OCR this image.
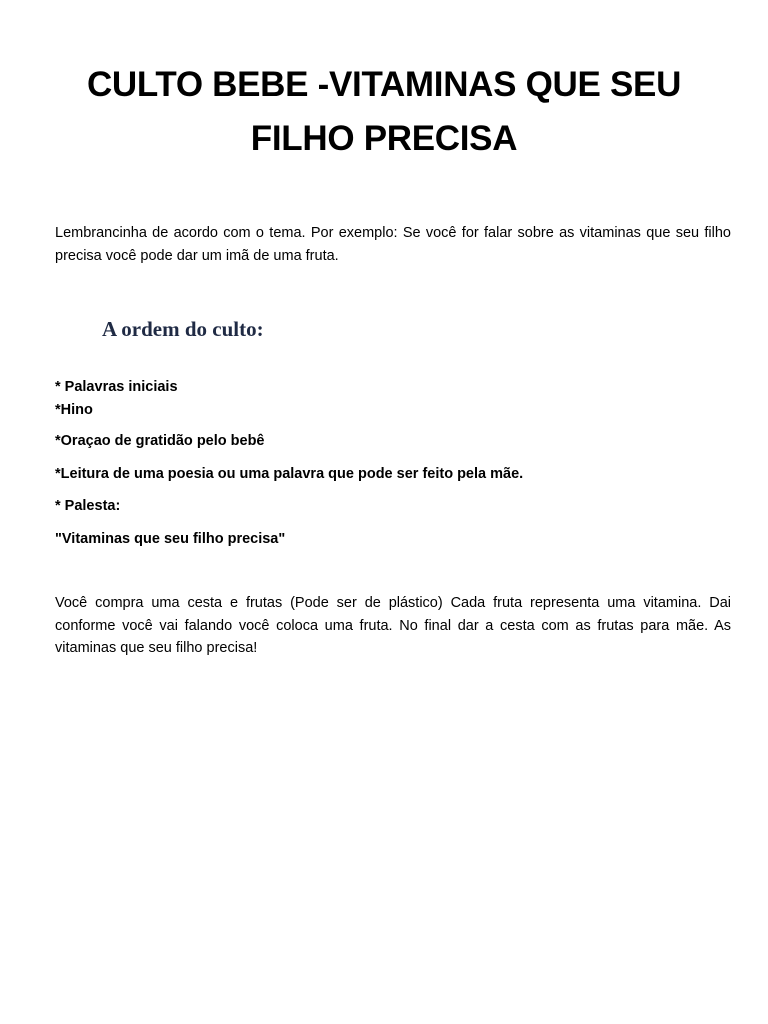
CULTO BEBE -VITAMINAS QUE SEU FILHO PRECISA

Lembrancinha de acordo com o tema. Por exemplo: Se você for falar sobre as vitaminas que seu filho precisa você pode dar um imã de uma fruta.

A ordem do culto:
* Palavras iniciais
*Hino
*Oraçao de gratidão pelo bebê
*Leitura de uma poesia ou uma palavra que pode ser feito pela mãe.
* Palesta:
"Vitaminas que seu filho precisa"

Você compra uma cesta e frutas (Pode ser de plástico) Cada fruta representa uma vitamina. Dai conforme você vai falando você coloca uma fruta. No final dar a cesta com as frutas para mãe. As vitaminas que seu filho precisa!
